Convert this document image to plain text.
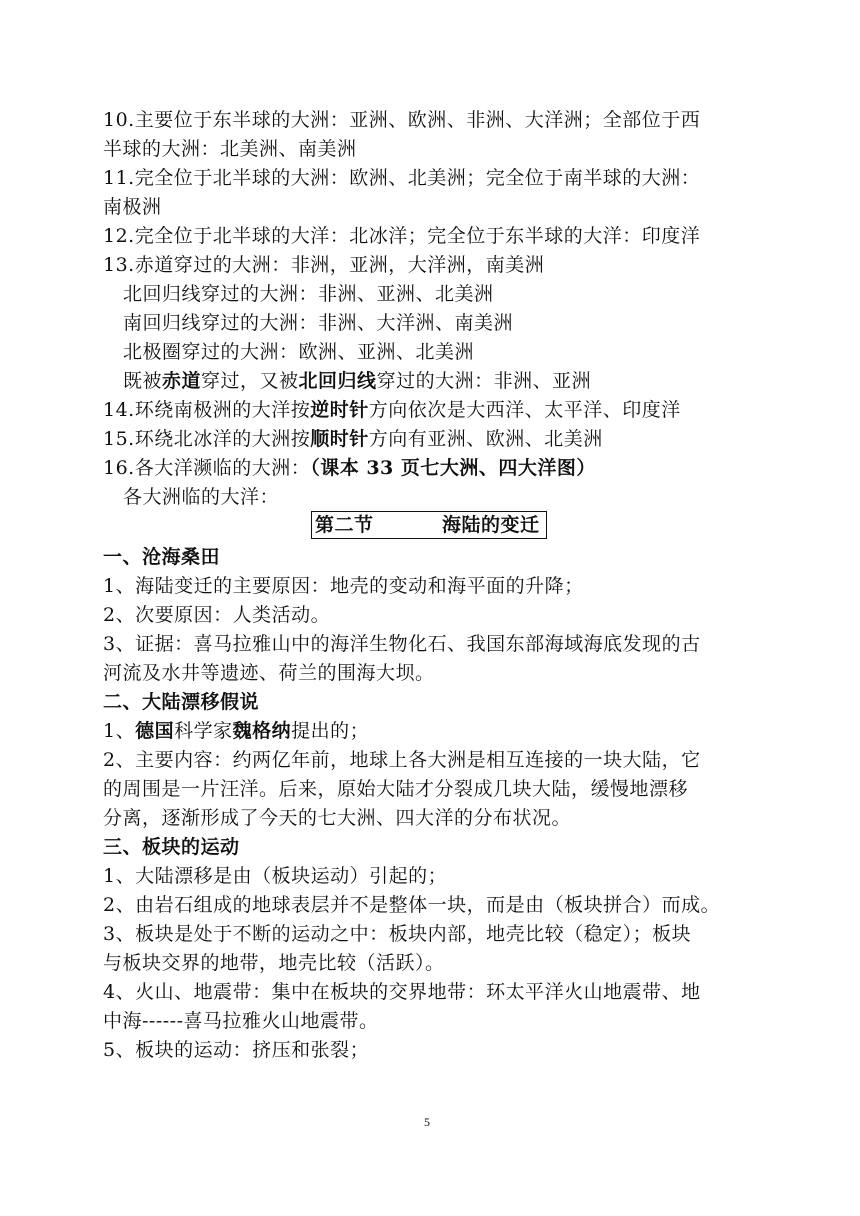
10.主要位于东半球的大洲：亚洲、欧洲、非洲、大洋洲；全部位于西
半球的大洲：北美洲、南美洲
11.完全位于北半球的大洲：欧洲、北美洲；完全位于南半球的大洲：
南极洲
12.完全位于北半球的大洋：北冰洋；完全位于东半球的大洋：印度洋
13.赤道穿过的大洲：非洲，亚洲，大洋洲，南美洲
北回归线穿过的大洲：非洲、亚洲、北美洲
南回归线穿过的大洲：非洲、大洋洲、南美洲
北极圈穿过的大洲：欧洲、亚洲、北美洲
既被赤道穿过，又被北回归线穿过的大洲：非洲、亚洲
14.环绕南极洲的大洋按逆时针方向依次是大西洋、太平洋、印度洋
15.环绕北冰洋的大洲按顺时针方向有亚洲、欧洲、北美洲
16.各大洋濒临的大洲：（课本 33 页七大洲、四大洋图）
各大洲临的大洋：
第二节	海陆的变迁
一、沧海桑田
1、海陆变迁的主要原因：地壳的变动和海平面的升降；
2、次要原因：人类活动。
3、证据：喜马拉雅山中的海洋生物化石、我国东部海域海底发现的古
河流及水井等遗迹、荷兰的围海大坝。
二、大陆漂移假说
1、德国科学家魏格纳提出的；
2、主要内容：约两亿年前，地球上各大洲是相互连接的一块大陆，它
的周围是一片汪洋。后来，原始大陆才分裂成几块大陆，缓慢地漂移
分离，逐渐形成了今天的七大洲、四大洋的分布状况。
三、板块的运动
1、大陆漂移是由（板块运动）引起的；
2、由岩石组成的地球表层并不是整体一块，而是由（板块拼合）而成。
3、板块是处于不断的运动之中：板块内部，地壳比较（稳定）；板块
与板块交界的地带，地壳比较（活跃）。
4、火山、地震带：集中在板块的交界地带：环太平洋火山地震带、地
中海------喜马拉雅火山地震带。
5、板块的运动：挤压和张裂；
5
